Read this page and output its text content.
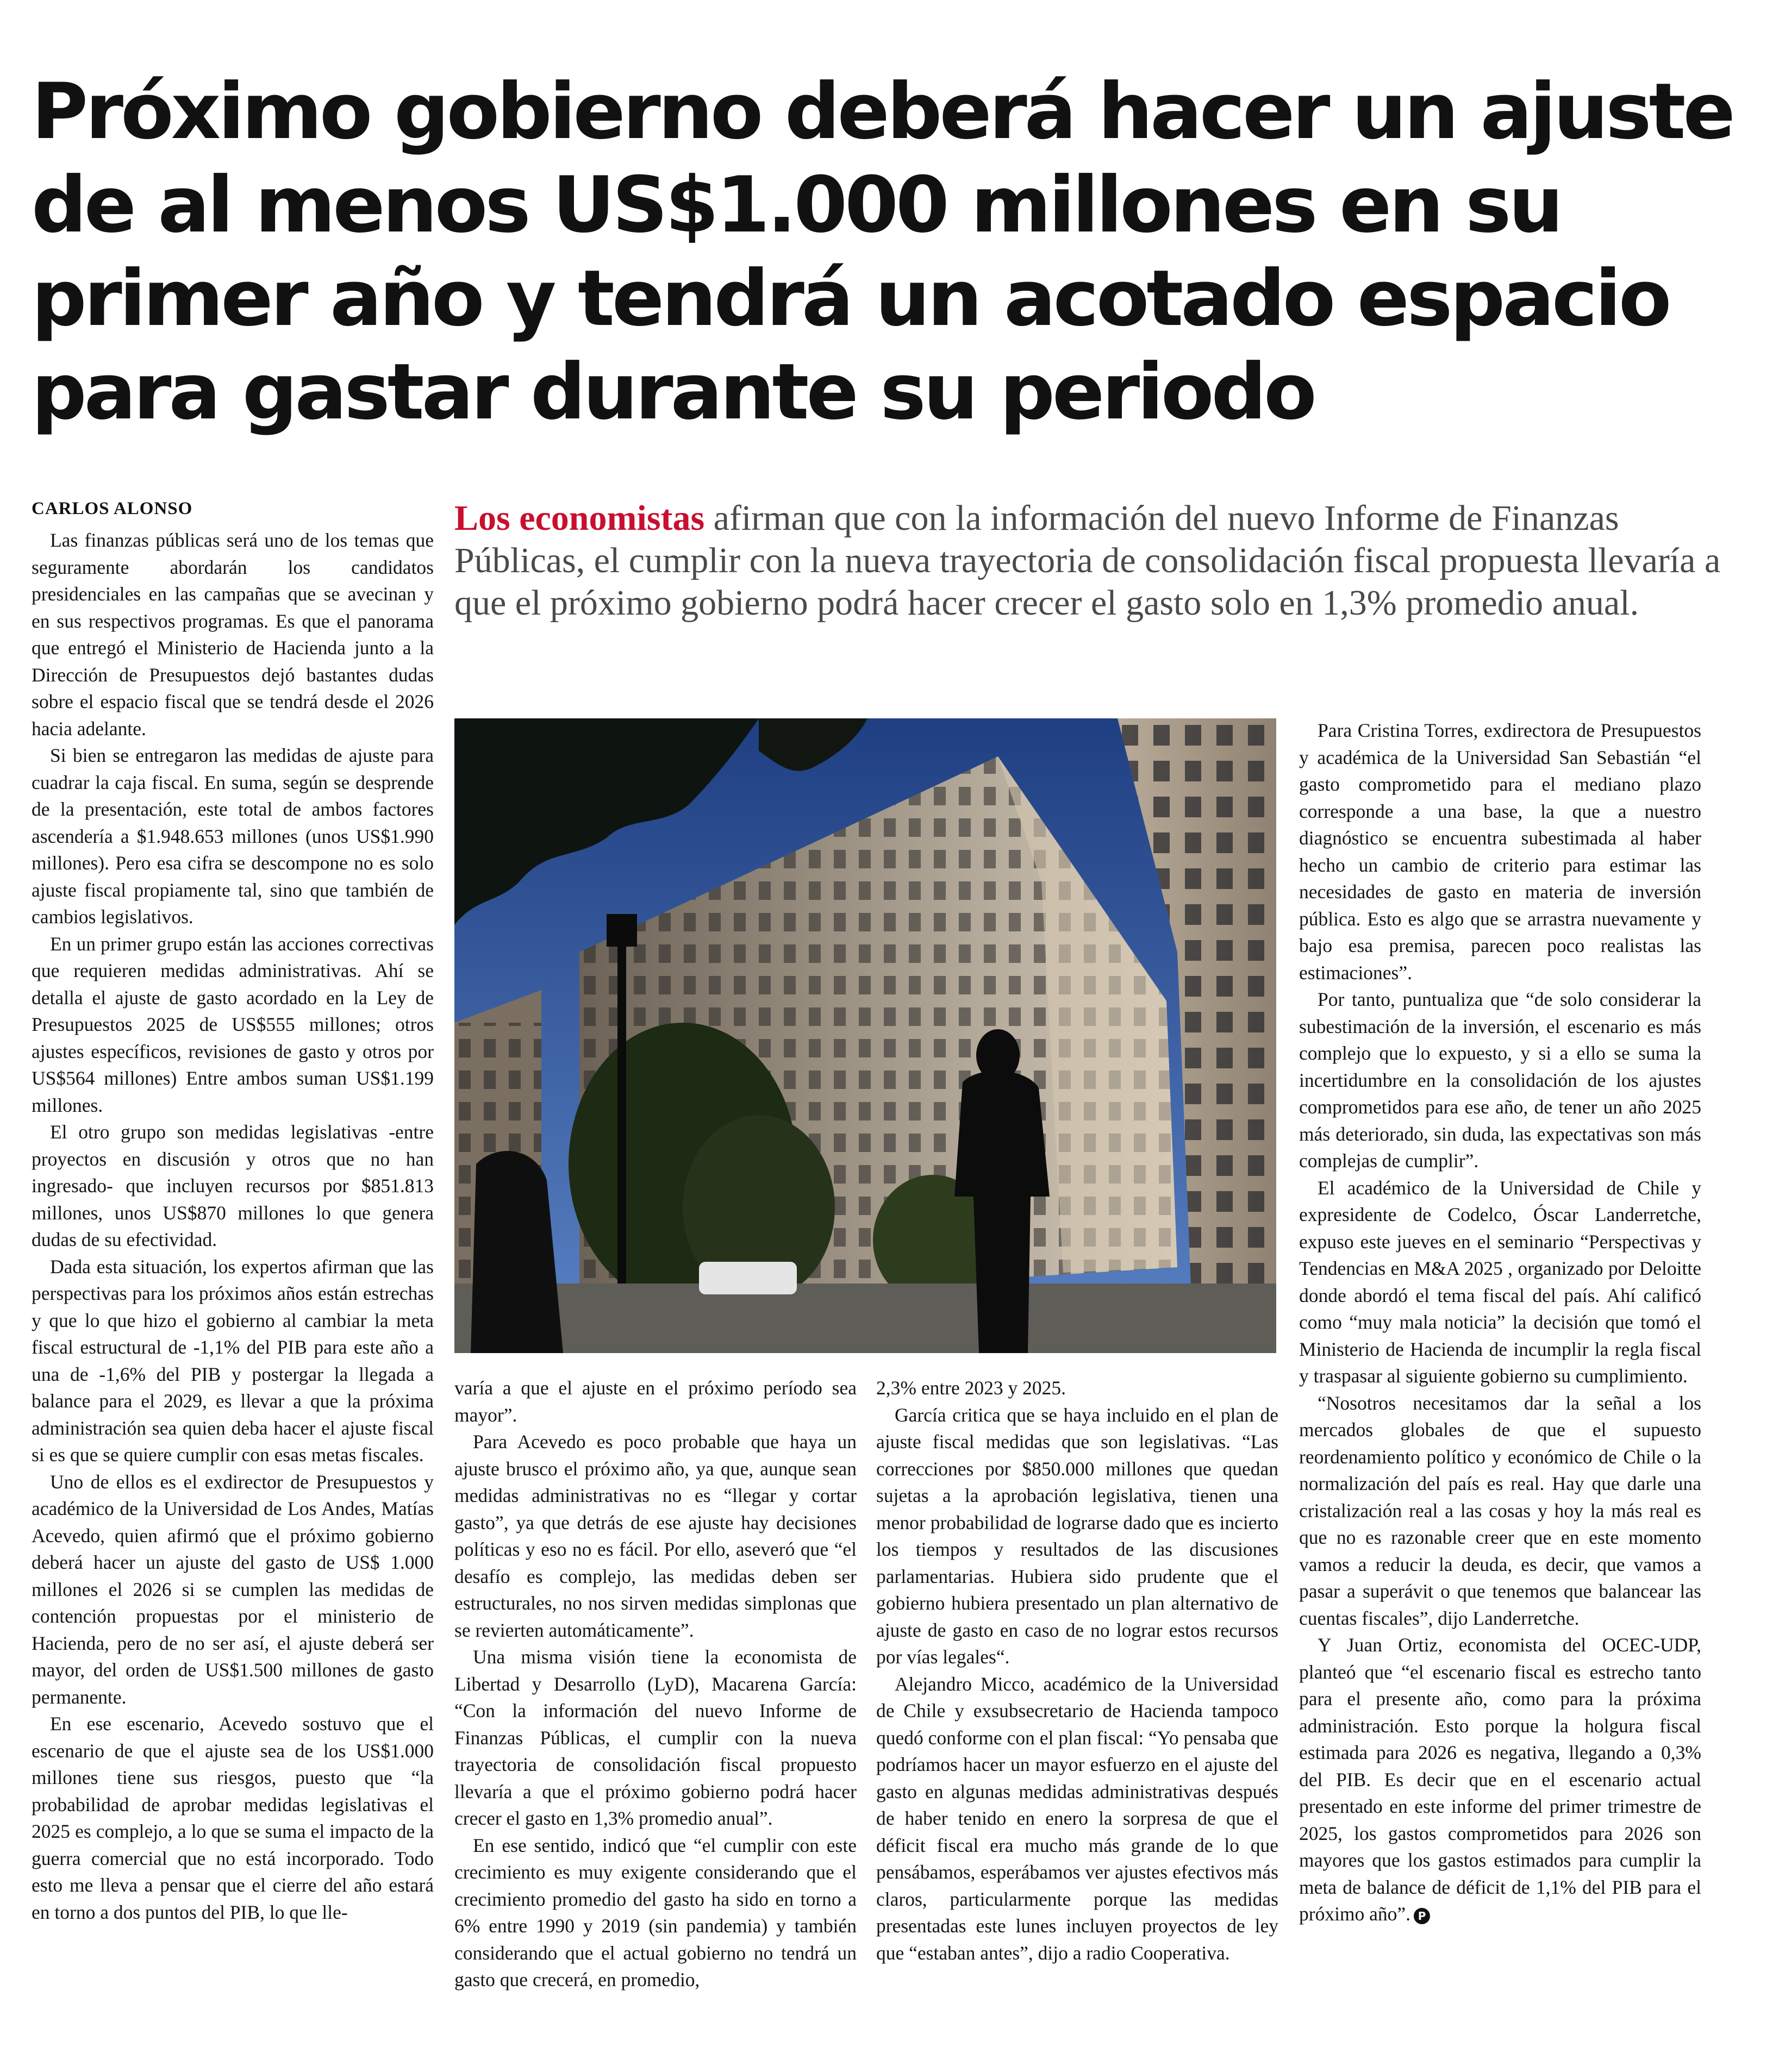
Próximo gobierno deberá hacer un ajuste de al menos US$1.000 millones en su primer año y tendrá un acotado espacio para gastar durante su periodo
CARLOS ALONSO	Los economistas afirman que con la información del nuevo Informe de Finanzas Públicas, el cumplir con la nueva trayectoria de consolidación fiscal propuesta llevaría a que el próximo gobierno podrá hacer crecer el gasto solo en 1,3% promedio anual.

Las finanzas públicas será uno de los temas que seguramente abordarán los candidatos presidenciales en las campañas que se avecinan y en sus respectivos programas. Es que el panorama que entregó el Ministerio de Hacienda junto a la Dirección de Presupuestos dejó bastantes dudas sobre el espacio fiscal que se tendrá desde el 2026 hacia adelante.

Si bien se entregaron las medidas de ajuste para cuadrar la caja fiscal. En suma, según se desprende de la presentación, este total de ambos factores ascendería a $1.948.653 millones (unos US$1.990 millones). Pero esa cifra se descompone no es solo ajuste fiscal propiamente tal, sino que también de cambios legislativos.

En un primer grupo están las acciones correctivas que requieren medidas administrativas. Ahí se detalla el ajuste de gasto acordado en la Ley de Presupuestos 2025 de US$555 millones; otros ajustes específicos, revisiones de gasto y otros por US$564 millones) Entre ambos suman US$1.199 millones.

El otro grupo son medidas legislativas -entre proyectos en discusión y otros que no han ingresado- que incluyen recursos por $851.813 millones, unos US$870 millones lo que genera dudas de su efectividad.

Dada esta situación, los expertos afirman que las perspectivas para los próximos años están estrechas y que lo que hizo el gobierno al cambiar la meta fiscal estructural de -1,1% del PIB para este año a una de -1,6% del PIB y postergar la llegada a balance para el 2029, es llevar a que la próxima administración sea quien deba hacer el ajuste fiscal si es que se quiere cumplir con esas metas fiscales.

Uno de ellos es el exdirector de Presupuestos y académico de la Universidad de Los Andes, Matías Acevedo, quien afirmó que el próximo gobierno deberá hacer un ajuste del gasto de US$ 1.000 millones el 2026 si se cumplen las medidas de contención propuestas por el ministerio de Hacienda, pero de no ser así, el ajuste deberá ser mayor, del orden de US$1.500 millones de gasto permanente.

En ese escenario, Acevedo sostuvo que el escenario de que el ajuste sea de los US$1.000 millones tiene sus riesgos, puesto que “la probabilidad de aprobar medidas legislativas el 2025 es complejo, a lo que se suma el impacto de la guerra comercial que no está incorporado. Todo esto me lleva a pensar que el cierre del año estará en torno a dos puntos del PIB, lo que lle-

varía a que el ajuste en el próximo período sea mayor”.

Para Acevedo es poco probable que haya un ajuste brusco el próximo año, ya que, aunque sean medidas administrativas no es “llegar y cortar gasto”, ya que detrás de ese ajuste hay decisiones políticas y eso no es fácil. Por ello, aseveró que “el desafío es complejo, las medidas deben ser estructurales, no nos sirven medidas simplonas que se revierten automáticamente”.

Una misma visión tiene la economista de Libertad y Desarrollo (LyD), Macarena García: “Con la información del nuevo Informe de Finanzas Públicas, el cumplir con la nueva trayectoria de consolidación fiscal propuesto llevaría a que el próximo gobierno podrá hacer crecer el gasto en 1,3% promedio anual”.

En ese sentido, indicó que “el cumplir con este crecimiento es muy exigente considerando que el crecimiento promedio del gasto ha sido en torno a 6% entre 1990 y 2019 (sin pandemia) y también considerando que el actual gobierno no tendrá un gasto que crecerá, en promedio,

2,3% entre 2023 y 2025.

García critica que se haya incluido en el plan de ajuste fiscal medidas que son legislativas. “Las correcciones por $850.000 millones que quedan sujetas a la aprobación legislativa, tienen una menor probabilidad de lograrse dado que es incierto los tiempos y resultados de las discusiones parlamentarias. Hubiera sido prudente que el gobierno hubiera presentado un plan alternativo de ajuste de gasto en caso de no lograr estos recursos por vías legales“.

Alejandro Micco, académico de la Universidad de Chile y exsubsecretario de Hacienda tampoco quedó conforme con el plan fiscal: “Yo pensaba que podríamos hacer un mayor esfuerzo en el ajuste del gasto en algunas medidas administrativas después de haber tenido en enero la sorpresa de que el déficit fiscal era mucho más grande de lo que pensábamos, esperábamos ver ajustes efectivos más claros, particularmente porque las medidas presentadas este lunes incluyen proyectos de ley que “estaban antes”, dijo a radio Cooperativa.

Para Cristina Torres, exdirectora de Presupuestos y académica de la Universidad San Sebastián “el gasto comprometido para el mediano plazo corresponde a una base, la que a nuestro diagnóstico se encuentra subestimada al haber hecho un cambio de criterio para estimar las necesidades de gasto en materia de inversión pública. Esto es algo que se arrastra nuevamente y bajo esa premisa, parecen poco realistas las estimaciones”.

Por tanto, puntualiza que “de solo considerar la subestimación de la inversión, el escenario es más complejo que lo expuesto, y si a ello se suma la incertidumbre en la consolidación de los ajustes comprometidos para ese año, de tener un año 2025 más deteriorado, sin duda, las expectativas son más complejas de cumplir”.

El académico de la Universidad de Chile y expresidente de Codelco, Óscar Landerretche, expuso este jueves en el seminario “Perspectivas y Tendencias en M&A 2025 , organizado por Deloitte donde abordó el tema fiscal del país. Ahí calificó como “muy mala noticia” la decisión que tomó el Ministerio de Hacienda de incumplir la regla fiscal y traspasar al siguiente gobierno su cumplimiento.

“Nosotros necesitamos dar la señal a los mercados globales de que el supuesto reordenamiento político y económico de Chile o la normalización del país es real. Hay que darle una cristalización real a las cosas y hoy la más real es que no es razonable creer que en este momento vamos a reducir la deuda, es decir, que vamos a pasar a superávit o que tenemos que balancear las cuentas fiscales”, dijo Landerretche.

Y Juan Ortiz, economista del OCEC-UDP, planteó que “el escenario fiscal es estrecho tanto para el presente año, como para la próxima administración. Esto porque la holgura fiscal estimada para 2026 es negativa, llegando a 0,3% del PIB. Es decir que en el escenario actual presentado en este informe del primer trimestre de 2025, los gastos comprometidos para 2026 son mayores que los gastos estimados para cumplir la meta de balance de déficit de 1,1% del PIB para el próximo año”. P
